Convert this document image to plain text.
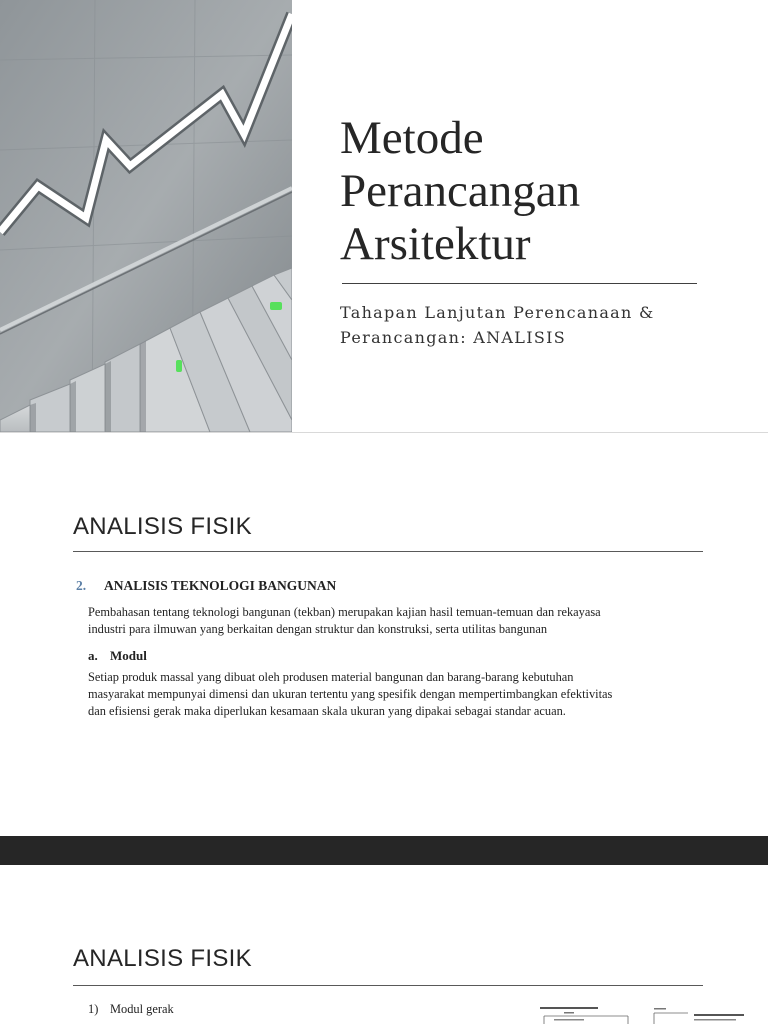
Metode
Perancangan
Arsitektur
Tahapan Lanjutan Perencanaan &
Perancangan: ANALISIS
ANALISIS FISIK
2. ANALISIS TEKNOLOGI BANGUNAN
Pembahasan tentang teknologi bangunan (tekban) merupakan kajian hasil temuan-temuan dan rekayasa
industri para ilmuwan yang berkaitan dengan struktur dan konstruksi, serta utilitas bangunan
a. Modul
Setiap produk massal yang dibuat oleh produsen material bangunan dan barang-barang kebutuhan
masyarakat mempunyai dimensi dan ukuran tertentu yang spesifik dengan mempertimbangkan efektivitas
dan efisiensi gerak maka diperlukan kesamaan skala ukuran yang dipakai sebagai standar acuan.
ANALISIS FISIK
1) Modul gerak
